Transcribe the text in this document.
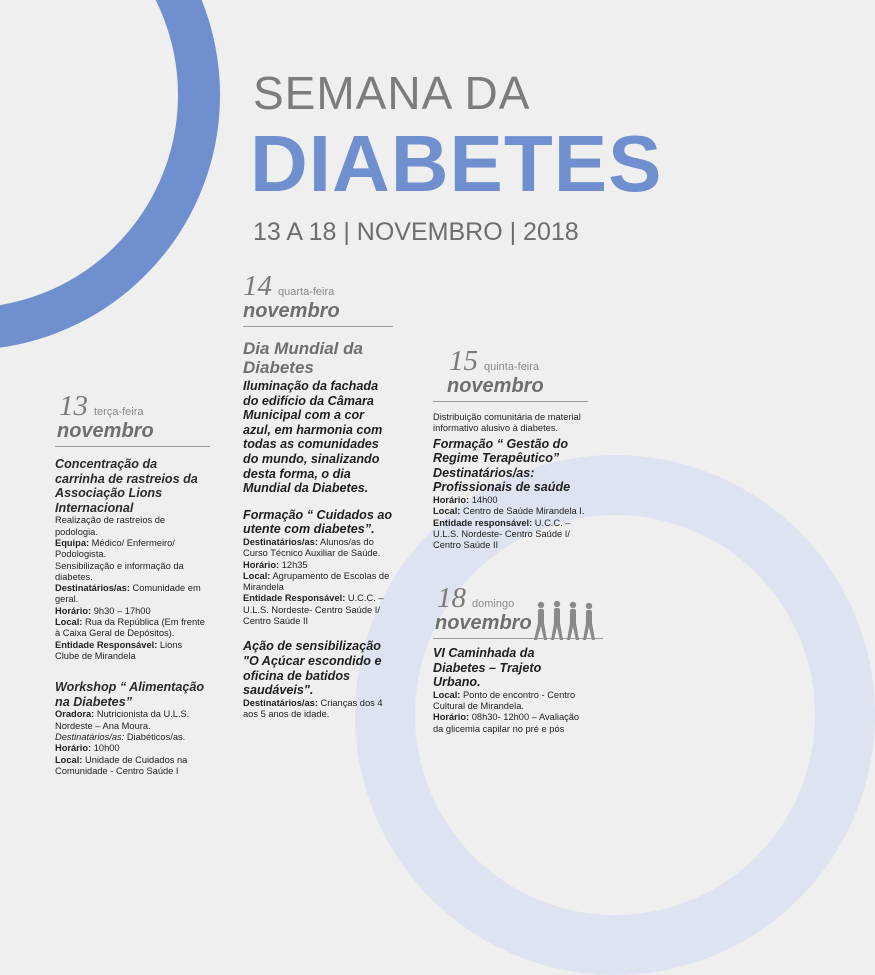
SEMANA DA
DIABETES
13 A 18 | NOVEMBRO | 2018
14 quarta-feira
novembro
15 quinta-feira
novembro
13 terça-feira
novembro
18 domingo
novembro
Concentração da carrinha de rastreios da Associação Lions Internacional
Realização de rastreios de podologia.
Equipa: Médico/ Enfermeiro/ Podologista.
Sensibilização e informação da diabetes.
Destinatários/as: Comunidade em geral.
Horário: 9h30 – 17h00
Local: Rua da República (Em frente à Caixa Geral de Depósitos).
Entidade Responsável: Lions Clube de Mirandela
Workshop “ Alimentação na Diabetes”
Oradora: Nutricionista da U.L.S. Nordeste – Ana Moura.
Destinatários/as: Diabéticos/as.
Horário: 10h00
Local: Unidade de Cuidados na Comunidade - Centro Saúde I
Dia Mundial da Diabetes
Iluminação da fachada do edifício da Câmara Municipal com a cor azul, em harmonia com todas as comunidades do mundo, sinalizando desta forma, o dia Mundial da Diabetes.
Formação “ Cuidados ao utente com diabetes”.
Destinatários/as: Alunos/as do Curso Técnico Auxiliar de Saúde.
Horário: 12h35
Local: Agrupamento de Escolas de Mirandela
Entidade Responsável: U.C.C. – U.L.S. Nordeste- Centro Saúde I/ Centro Saúde II
Ação de sensibilização "O Açúcar escondido e oficina de batidos saudáveis".
Destinatários/as: Crianças dos 4 aos 5 anos de idade.
Distribuição comunitária de material informativo alusivo à diabetes.
Formação “ Gestão do Regime Terapêutico” Destinatários/as: Profissionais de saúde
Horário: 14h00
Local: Centro de Saúde Mirandela I.
Entidade responsável: U.C.C. – U.L.S. Nordeste- Centro Saúde I/ Centro Saúde II
VI Caminhada da Diabetes – Trajeto Urbano.
Local: Ponto de encontro - Centro Cultural de Mirandela.
Horário: 08h30- 12h00 – Avaliação da glicemia capilar no pré e pós
